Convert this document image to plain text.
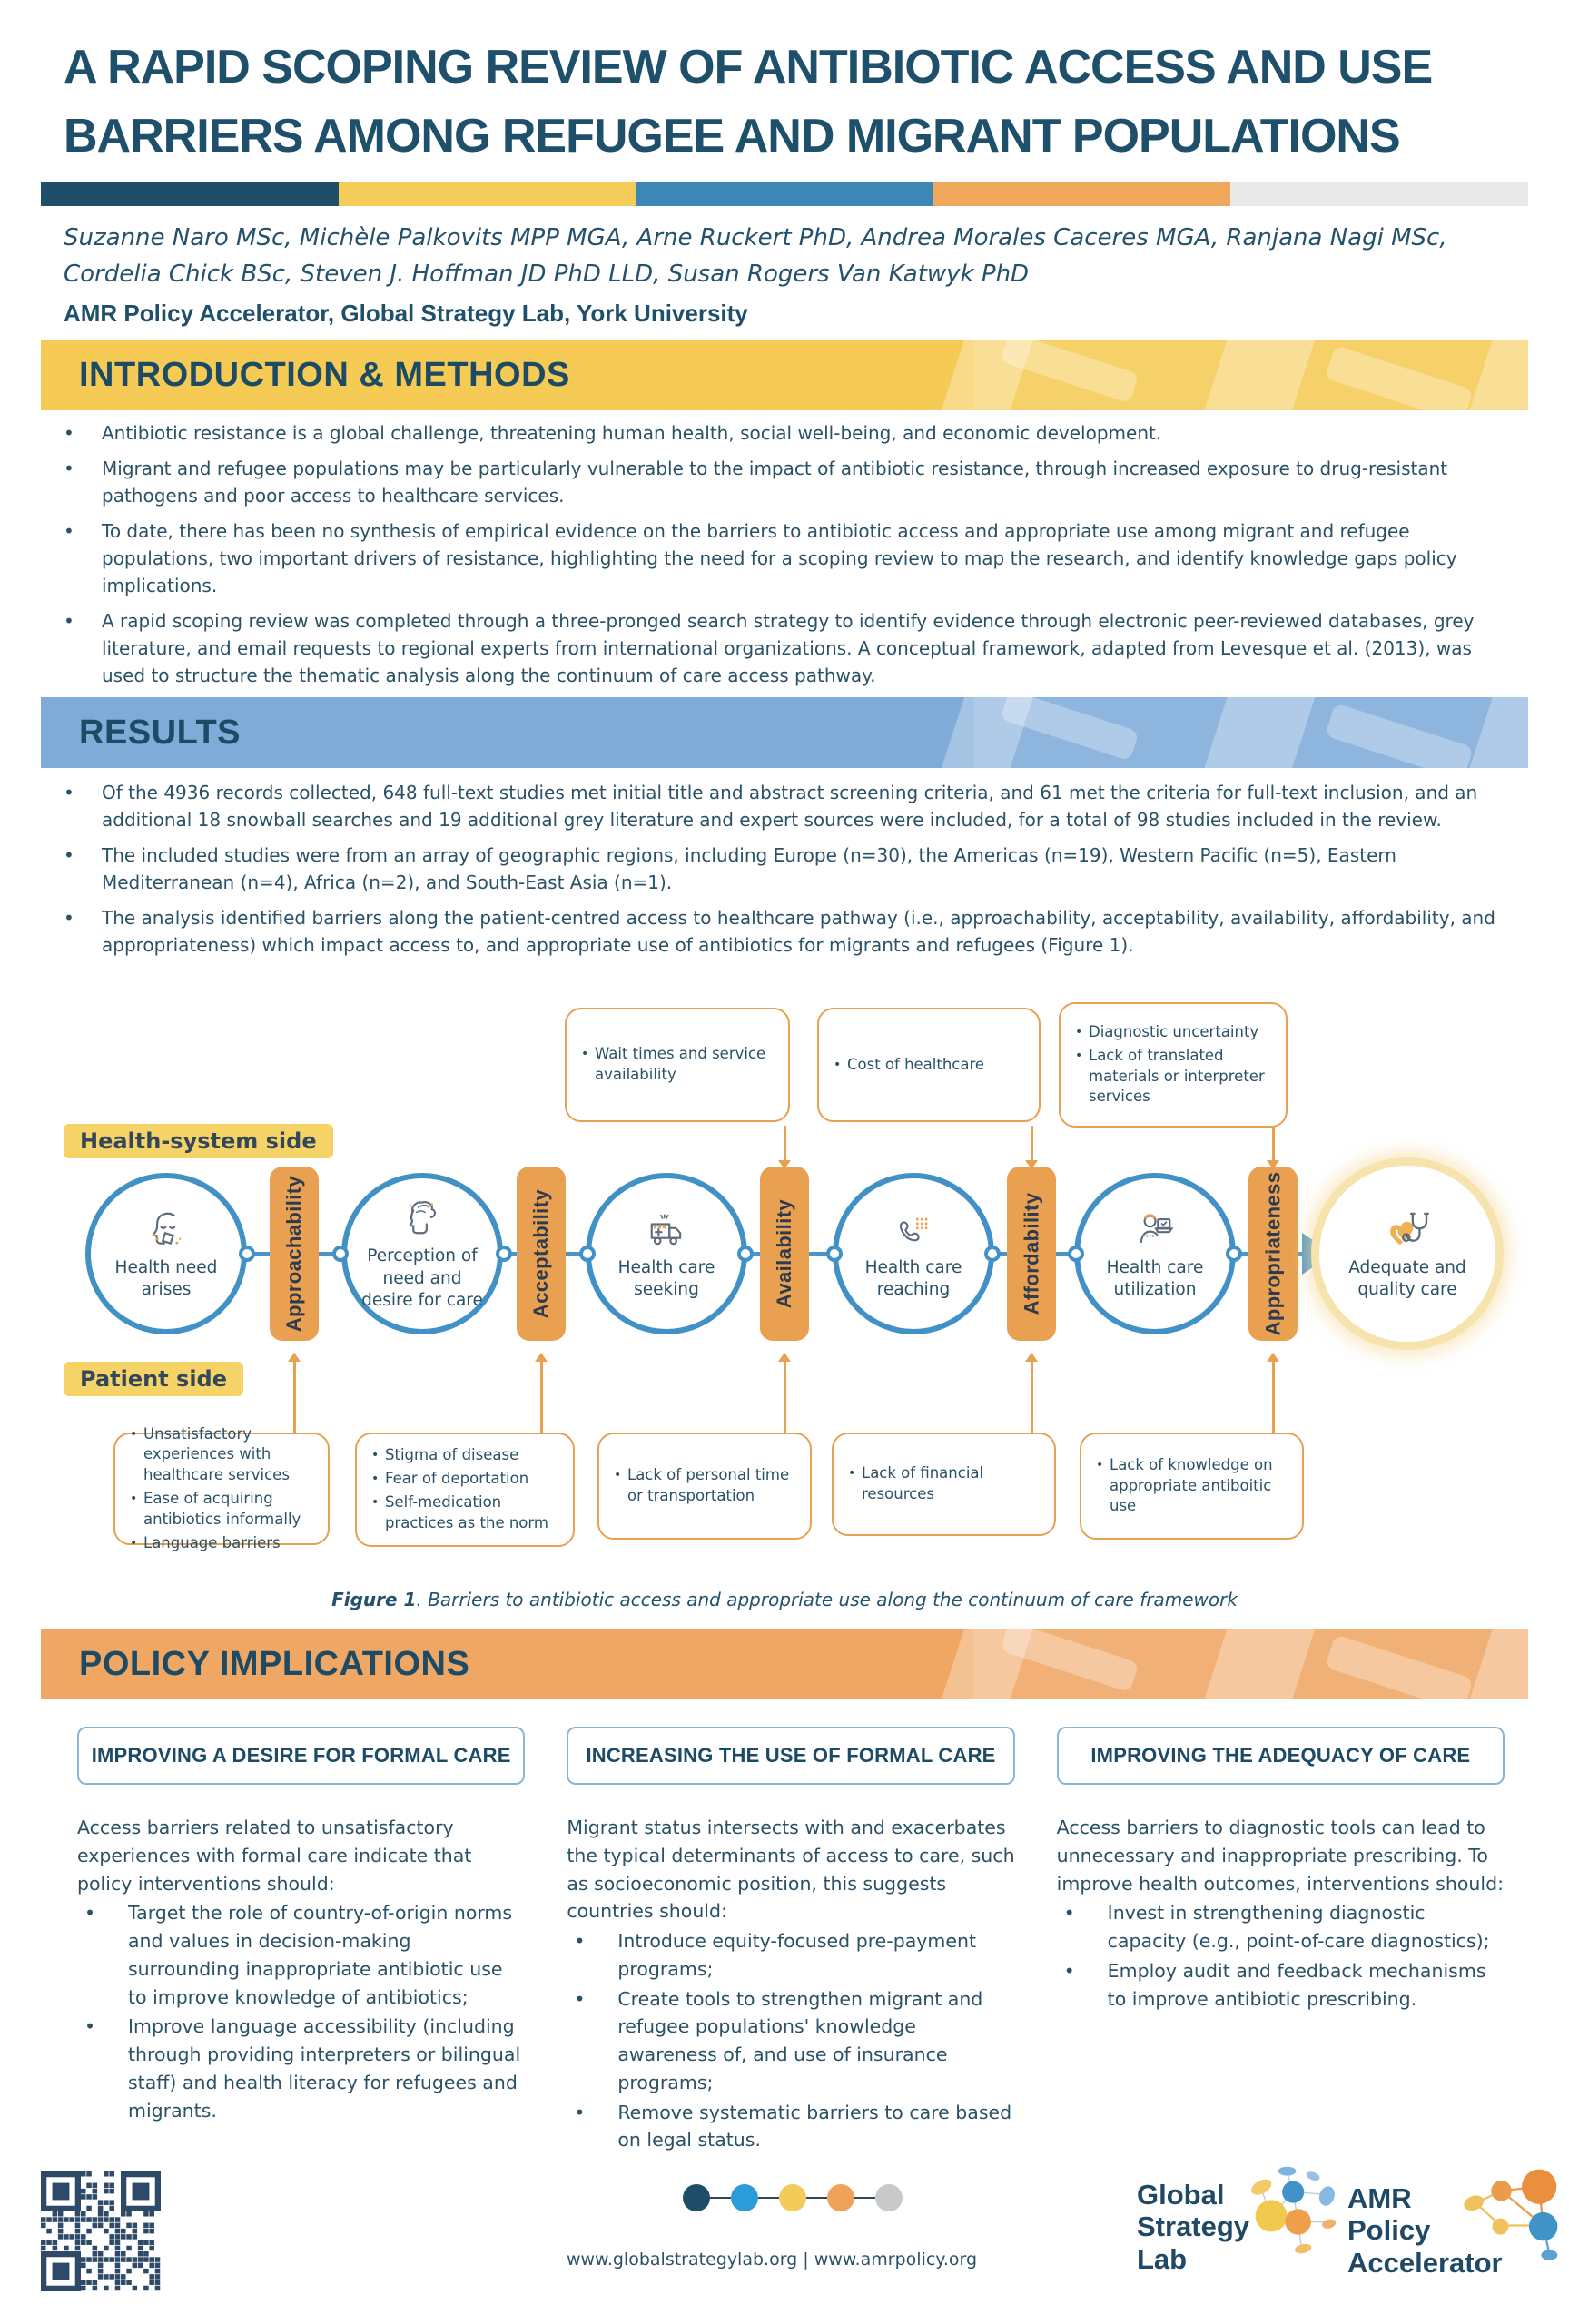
A RAPID SCOPING REVIEW OF ANTIBIOTIC ACCESS AND USE
BARRIERS AMONG REFUGEE AND MIGRANT POPULATIONS
Suzanne Naro MSc, Michèle Palkovits MPP MGA, Arne Ruckert PhD, Andrea Morales Caceres MGA, Ranjana Nagi MSc,
Cordelia Chick BSc, Steven J. Hoffman JD PhD LLD, Susan Rogers Van Katwyk PhD
AMR Policy Accelerator, Global Strategy Lab, York University
INTRODUCTION & METHODS
• Antibiotic resistance is a global challenge, threatening human health, social well-being, and economic development.
• Migrant and refugee populations may be particularly vulnerable to the impact of antibiotic resistance, through increased exposure to drug-resistant pathogens and poor access to healthcare services.
• To date, there has been no synthesis of empirical evidence on the barriers to antibiotic access and appropriate use among migrant and refugee populations, two important drivers of resistance, highlighting the need for a scoping review to map the research, and identify knowledge gaps policy implications.
• A rapid scoping review was completed through a three-pronged search strategy to identify evidence through electronic peer-reviewed databases, grey literature, and email requests to regional experts from international organizations. A conceptual framework, adapted from Levesque et al. (2013), was used to structure the thematic analysis along the continuum of care access pathway.
RESULTS
• Of the 4936 records collected, 648 full-text studies met initial title and abstract screening criteria, and 61 met the criteria for full-text inclusion, and an additional 18 snowball searches and 19 additional grey literature and expert sources were included, for a total of 98 studies included in the review.
• The included studies were from an array of geographic regions, including Europe (n=30), the Americas (n=19), Western Pacific (n=5), Eastern Mediterranean (n=4), Africa (n=2), and South-East Asia (n=1).
• The analysis identified barriers along the patient-centred access to healthcare pathway (i.e., approachability, acceptability, availability, affordability, and appropriateness) which impact access to, and appropriate use of antibiotics for migrants and refugees (Figure 1).
• Wait times and service availability
• Cost of healthcare
• Diagnostic uncertainty
• Lack of translated materials or interpreter services
Health-system side
Patient side
Health need arises
Perception of need and desire for care
Health care seeking
Health care reaching
Health care utilization
Approachability	Acceptability	Availability	Affordability	Appropriateness	Adequate and quality care
• Unsatisfactory experiences with healthcare services
• Ease of acquiring antibiotics informally
• Language barriers
• Stigma of disease
• Fear of deportation
• Self-medication practices as the norm
• Lack of personal time or transportation
• Lack of financial resources
• Lack of knowledge on appropriate antiboitic use
Figure 1. Barriers to antibiotic access and appropriate use along the continuum of care framework
POLICY IMPLICATIONS
IMPROVING A DESIRE FOR FORMAL CARE

Access barriers related to unsatisfactory experiences with formal care indicate that policy interventions should:

• Target the role of country-of-origin norms and values in decision-making surrounding inappropriate antibiotic use to improve knowledge of antibiotics;
• Improve language accessibility (including through providing interpreters or bilingual staff) and health literacy for refugees and migrants.
INCREASING THE USE OF FORMAL CARE

Migrant status intersects with and exacerbates the typical determinants of access to care, such as socioeconomic position, this suggests countries should:

• Introduce equity-focused pre-payment programs;
• Create tools to strengthen migrant and refugee populations' knowledge awareness of, and use of insurance programs;
• Remove systematic barriers to care based on legal status.
IMPROVING THE ADEQUACY OF CARE

Access barriers to diagnostic tools can lead to unnecessary and inappropriate prescribing. To improve health outcomes, interventions should:

• Invest in strengthening diagnostic capacity (e.g., point-of-care diagnostics);
• Employ audit and feedback mechanisms to improve antibiotic prescribing.
www.globalstrategylab.org | www.amrpolicy.org
Global
Strategy
Lab
AMR
Policy
Accelerator
